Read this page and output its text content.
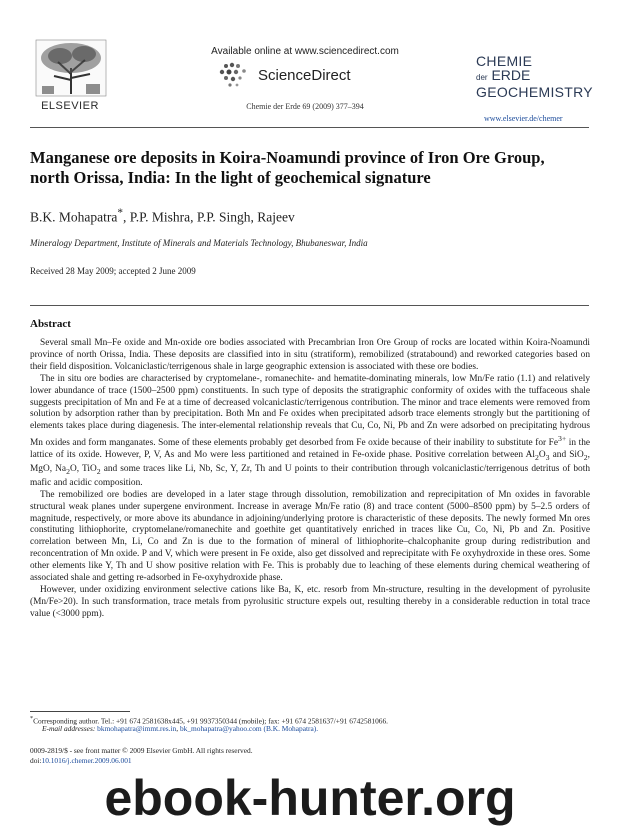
ELSEVIER
Available online at www.sciencedirect.com
ScienceDirect
Chemie der Erde 69 (2009) 377–394
CHEMIE
der ERDE
GEOCHEMISTRY
www.elsevier.de/chemer
Manganese ore deposits in Koira-Noamundi province of Iron Ore Group,
north Orissa, India: In the light of geochemical signature
B.K. Mohapatra*, P.P. Mishra, P.P. Singh, Rajeev
Mineralogy Department, Institute of Minerals and Materials Technology, Bhubaneswar, India
Received 28 May 2009; accepted 2 June 2009
Abstract

Several small Mn–Fe oxide and Mn-oxide ore bodies associated with Precambrian Iron Ore Group of rocks are located within Koira-Noamundi province of north Orissa, India. These deposits are classified into in situ (stratiform), remobilized (stratabound) and reworked categories based on their field disposition. Volcaniclastic/terrigenous shale in large geographic extension is associated with these ore bodies.

The in situ ore bodies are characterised by cryptomelane-, romanechite- and hematite-dominating minerals, low Mn/Fe ratio (1.1) and relatively lower abundance of trace (1500–2500 ppm) constituents. In such type of deposits the stratigraphic conformity of oxides with the tuffaceous shale suggests precipitation of Mn and Fe at a time of decreased volcaniclastic/terrigenous contribution. The minor and trace elements were removed from solution by adsorption rather than by precipitation. Both Mn and Fe oxides when precipitated adsorb trace elements strongly but the partitioning of elements takes place during diagenesis. The inter-elemental relationship reveals that Cu, Co, Ni, Pb and Zn were adsorbed on precipitating hydrous Mn oxides and form manganates. Some of these elements probably get desorbed from Fe oxide because of their inability to substitute for $Fe^{3+}$ in the lattice of its oxide. However, P, V, As and Mo were less partitioned and retained in Fe-oxide phase. Positive correlation between $Al_2O_3$ and SiO$_2$, MgO, $Na_2O$, TiO$_2$ and some traces like Li, Nb, Sc, Y, Zr, Th and U points to their contribution through volcaniclastic/terrigenous detritus of both mafic and acidic composition.

The remobilized ore bodies are developed in a later stage through dissolution, remobilization and reprecipitation of Mn oxides in favorable structural weak planes under supergene environment. Increase in average Mn/Fe ratio (8) and trace content (5000–8500 ppm) by 5–2.5 orders of magnitude, respectively, or more above its abundance in adjoining/underlying protore is characteristic of these deposits. The newly formed Mn ores constituting lithiophorite, cryptomelane/romanechite and goethite get quantitatively enriched in traces like Cu, Co, Ni, Pb and Zn. Positive correlation between Mn, Li, Co and Zn is due to the formation of mineral of lithiophorite–chalcophanite group during redistribution and reconcentration of Mn oxide. P and V, which were present in Fe oxide, also get dissolved and reprecipitate with Fe oxyhydroxide in these ores. Some other elements like Y, Th and U show positive relation with Fe. This is probably due to leaching of these elements during chemical weathering of associated shale and getting re-adsorbed in Fe-oxyhydroxide phase.

However, under oxidizing environment selective cations like Ba, K, etc. resorb from Mn-structure, resulting in the development of pyrolusite (Mn/Fe>20). In such transformation, trace metals from pyrolusitic structure expels out, resulting thereby in a considerable reduction in total trace value (<3000 ppm).

*Corresponding author. Tel.: +91 674 2581638x445, +91 9937350344 (mobile); fax: +91 674 2581637/+91 6742581066.
E-mail addresses: bkmohapatra@immt.res.in, bk_mohapatra@yahoo.com (B.K. Mohapatra).
0009-2819/$ - see front matter © 2009 Elsevier GmbH. All rights reserved.
doi:10.1016/j.chemer.2009.06.001
ebook-hunter.org
